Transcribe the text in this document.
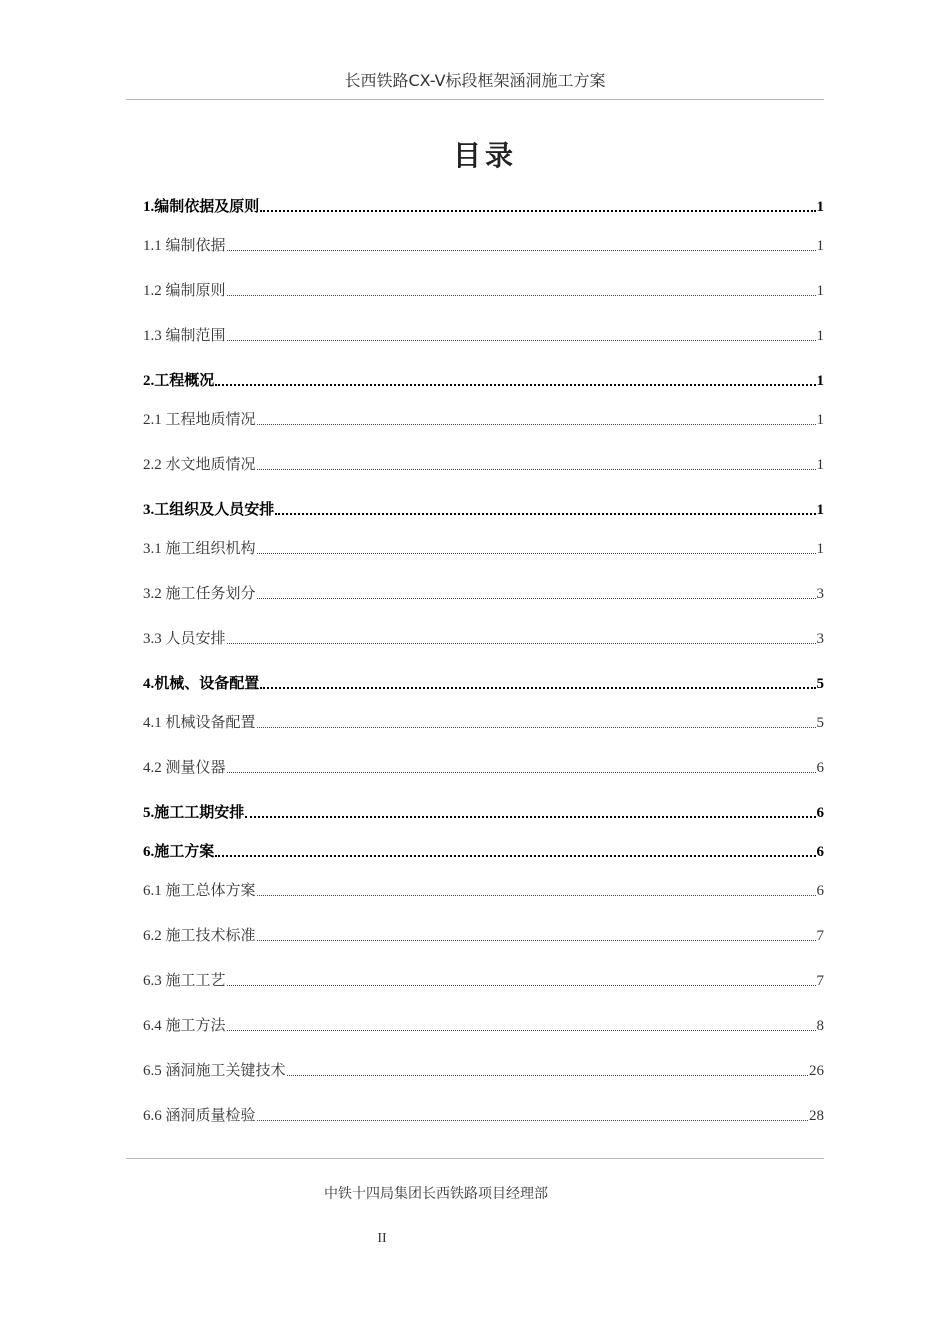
长西铁路CX-V标段框架涵洞施工方案
目录
1.编制依据及原则	1
1.1 编制依据	1
1.2 编制原则	1
1.3 编制范围	1
2.工程概况	1
2.1 工程地质情况	1
2.2 水文地质情况	1
3.工组织及人员安排	1
3.1 施工组织机构	1
3.2 施工任务划分	3
3.3 人员安排	3
4.机械、设备配置	5
4.1 机械设备配置	5
4.2 测量仪器	6
5.施工工期安排	6
6.施工方案	6
6.1 施工总体方案	6
6.2 施工技术标准	7
6.3 施工工艺	7
6.4 施工方法	8
6.5 涵洞施工关键技术	26
6.6 涵洞质量检验	28
中铁十四局集团长西铁路项目经理部
II
